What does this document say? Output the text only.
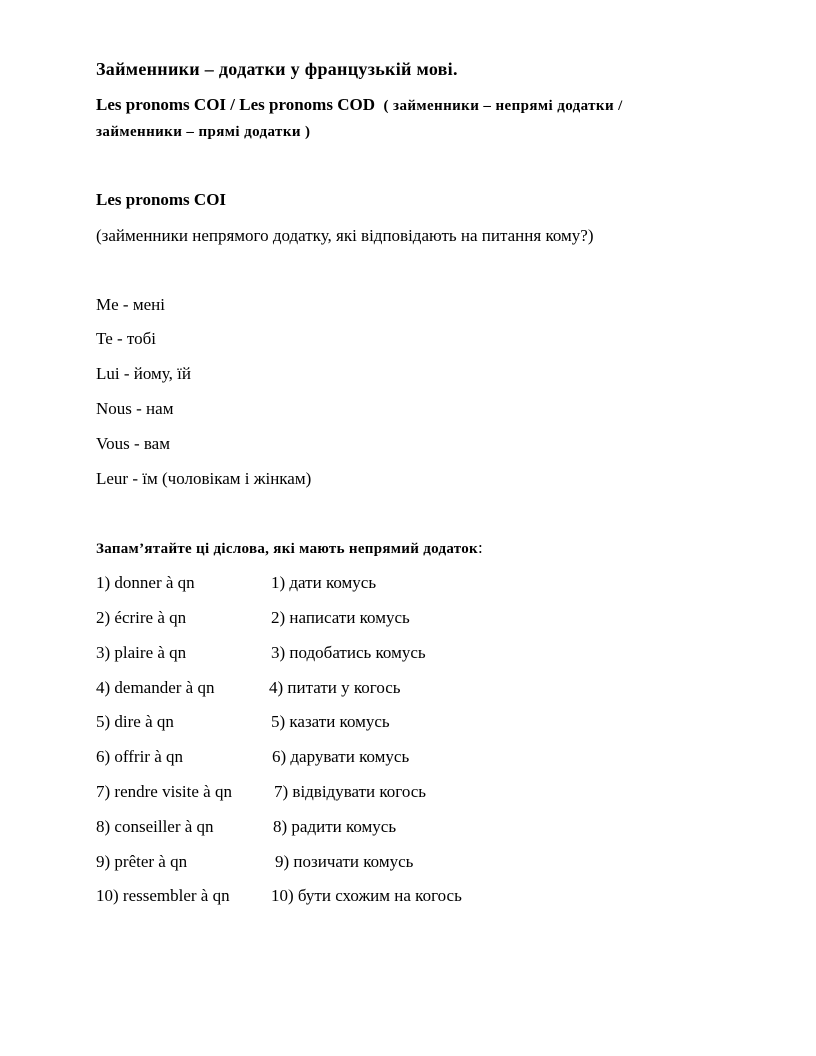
Займенники – додатки у французькій мові.
Les pronoms COI / Les pronoms COD ( займенники – непрямі додатки /
займенники – прямі додатки )
Les pronoms COI
(займенники непрямого додатку, які відповідають на питання кому?)
Me - мені
Te - тобі
Lui - йому, їй
Nous - нам
Vous - вам
Leur - їм (чоловікам і жінкам)
Запам’ятайте ці діслова, які мають непрямий додаток:
1) donner à qn	1) дати комусь
2) écrire à qn	2) написати комусь
3) plaire à qn	3) подобатись комусь
4) demander à qn	4) питати у когось
5) dire à qn	5) казати комусь
6) offrir à qn	6) дарувати комусь
7) rendre visite à qn 7) відвідувати когось
8) conseiller à qn	8) радити комусь
9) prêter à qn	9) позичати комусь
10) ressembler à qn 10) бути схожим на когось
